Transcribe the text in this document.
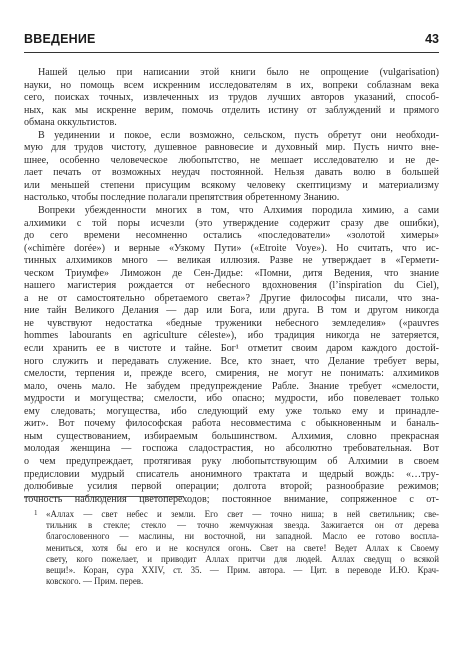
ВВЕДЕНИЕ	43
Нашей целью при написании этой книги было не опрощение (vulgarisation)
науки, но помощь всем искренним исследователям в их, вопреки соблазнам века
сего, поисках точных, извлеченных из трудов лучших авторов указаний, способ-
ных, как мы искренне верим, помочь отделить истину от заблуждений и прямого
обмана оккультистов.
В уединении и покое, если возможно, сельском, пусть обретут они необходи-
мую для трудов чистоту, душевное равновесие и духовный мир. Пусть ничто вне-
шнее, особенно человеческое любопытство, не мешает исследователю и не де-
лает печать от возможных неудач постоянной. Нельзя давать волю в большей
или меньшей степени присущим всякому человеку скептицизму и материализму
настолько, чтобы последние полагали препятствия обретенному Знанию.
Вопреки убежденности многих в том, что Алхимия породила химию, а сами
алхимики с той поры исчезли (это утверждение содержит сразу две ошибки),
до сего времени несомненно остались «последователи» «золотой химеры»
(«chimère dorée») и верные «Узкому Пути» («Etroite Voye»). Но считать, что ис-
тинных алхимиков много — великая иллюзия. Разве не утверждает в «Гермети-
ческом Триумфе» Лиможон де Сен-Дидье: «Помни, дитя Ве́дения, что знание
нашего магистерия рождается от небесного вдохновения (l’inspiration du Ciel),
а не от самостоятельно обретаемого света»? Другие философы писали, что зна-
ние тайн Великого Делания — дар или Бога, или друга. В том и другом никогда
не чувствуют недостатка «бедные труженики небесного земледелия» («pauvres
hommes labourants en agriculture céleste»), ибо традиция никогда не затеряется,
если хранить ее в чистоте и тайне. Бог¹ отметит своим даром каждого достой-
ного служить и передавать служение. Все, кто знает, что Делание требует веры,
смелости, терпения и, прежде всего, смирения, не могут не понимать: алхимиков
мало, очень мало. Не забудем предупреждение Рабле. Знание требует «смелости,
мудрости и могущества; смелости, ибо опасно; мудрости, ибо повелевает только
ему следовать; могущества, ибо следующий ему уже только ему и принадле-
жит». Вот почему философская работа несовместима с обыкновенным и баналь-
ным существованием, избираемым большинством. Алхимия, словно прекрасная
молодая женщина — госпожа сладострастия, но абсолютно требовательная. Вот
о чем предупреждает, протягивая руку любопытствующим об Алхимии в своем
предисловии мудрый списатель анонимного трактата и щедрый вождь: «…тру-
долюбивые усилия первой операции; долгота второй; разнообразие режимов;
точность наблюдения цветопереходов; постоянное внимание, сопряженное с от-
1 «Аллах — свет небес и земли. Его свет — точно ниша; в ней светильник; све-
тильник в стекле; стекло — точно жемчужная звезда. Зажигается он от дерева
благословенного — маслины, ни восточной, ни западной. Масло ее готово воспла-
мениться, хотя бы его и не коснулся огонь. Свет на свете! Ведет Аллах к Своему
свету, кого пожелает, и приводит Аллах притчи для людей. Аллах сведущ о всякой
вещи!». Коран, сура XXIV, ст. 35. — Прим. автора. — Цит. в переводе И.Ю. Крач-
ковского. — Прим. перев.
